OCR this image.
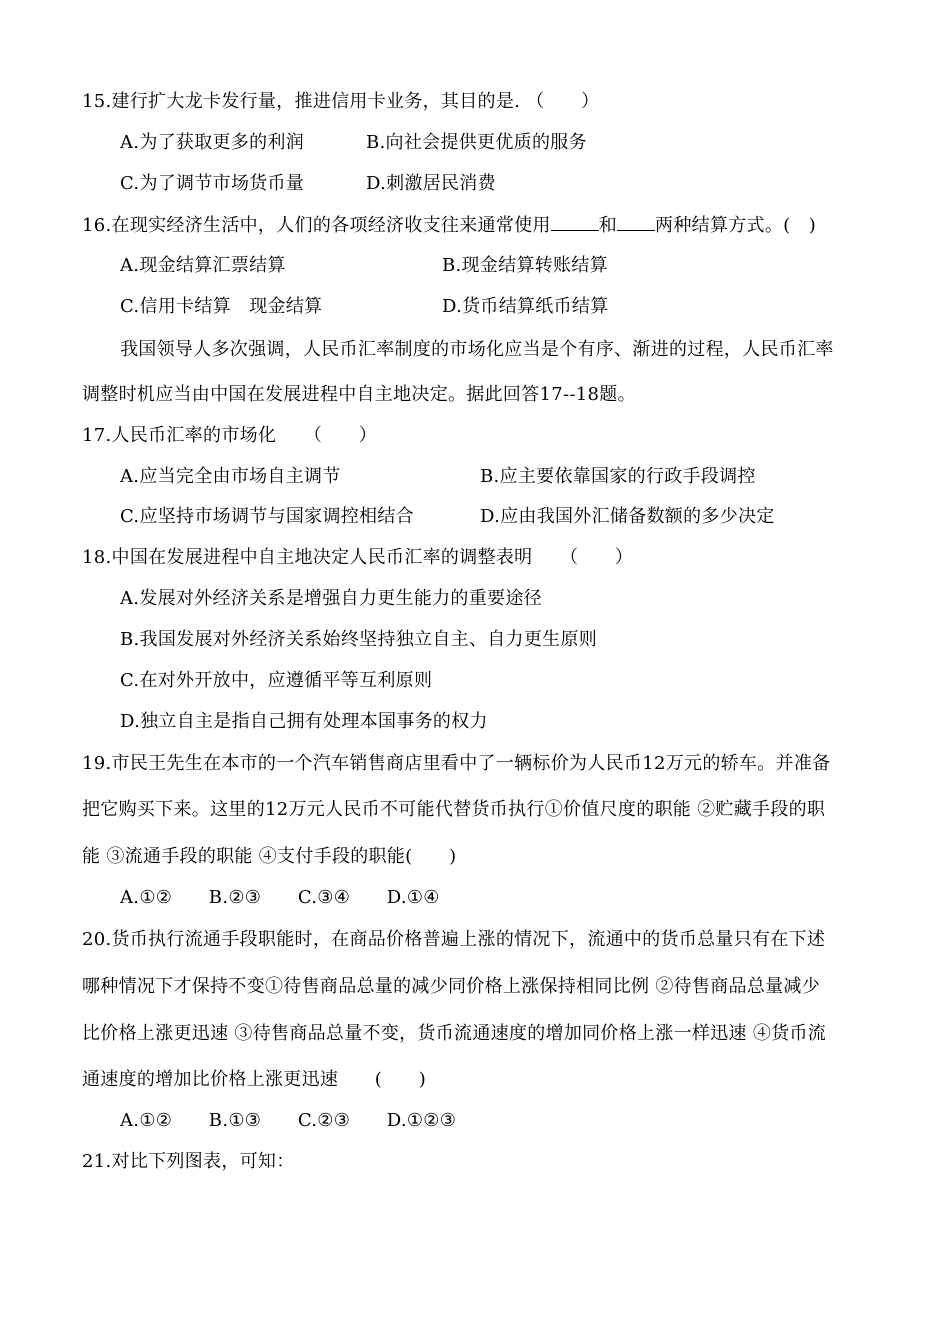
15.建行扩大龙卡发行量，推进信用卡业务，其目的是. （　　）
A.为了获取更多的利润	B.向社会提供更优质的服务
C.为了调节市场货币量	D.刺激居民消费
16.在现实经济生活中，人们的各项经济收支往来通常使用	和 两种结算方式。(　)
A.现金结算汇票结算	B.现金结算转账结算
C.信用卡结算　现金结算	D.货币结算纸币结算
我国领导人多次强调，人民币汇率制度的市场化应当是个有序、渐进的过程，人民币汇率
调整时机应当由中国在发展进程中自主地决定。据此回答17--18题。
17.人民币汇率的市场化　　（　　）
A.应当完全由市场自主调节	B.应主要依靠国家的行政手段调控
C.应坚持市场调节与国家调控相结合	D.应由我国外汇储备数额的多少决定
18.中国在发展进程中自主地决定人民币汇率的调整表明　　（　　）
A.发展对外经济关系是增强自力更生能力的重要途径
B.我国发展对外经济关系始终坚持独立自主、自力更生原则
C.在对外开放中，应遵循平等互利原则
D.独立自主是指自己拥有处理本国事务的权力
19.市民王先生在本市的一个汽车销售商店里看中了一辆标价为人民币12万元的轿车。并准备
把它购买下来。这里的12万元人民币不可能代替货币执行①价值尺度的职能 ②贮藏手段的职
能 ③流通手段的职能 ④支付手段的职能(　　)
A.①②　　B.②③　　C.③④　　D.①④
20.货币执行流通手段职能时，在商品价格普遍上涨的情况下，流通中的货币总量只有在下述
哪种情况下才保持不变①待售商品总量的减少同价格上涨保持相同比例 ②待售商品总量减少
比价格上涨更迅速 ③待售商品总量不变，货币流通速度的增加同价格上涨一样迅速 ④货币流
通速度的增加比价格上涨更迅速　　(　　)
A.①②　　B.①③　　C.②③　　D.①②③
21.对比下列图表，可知：
